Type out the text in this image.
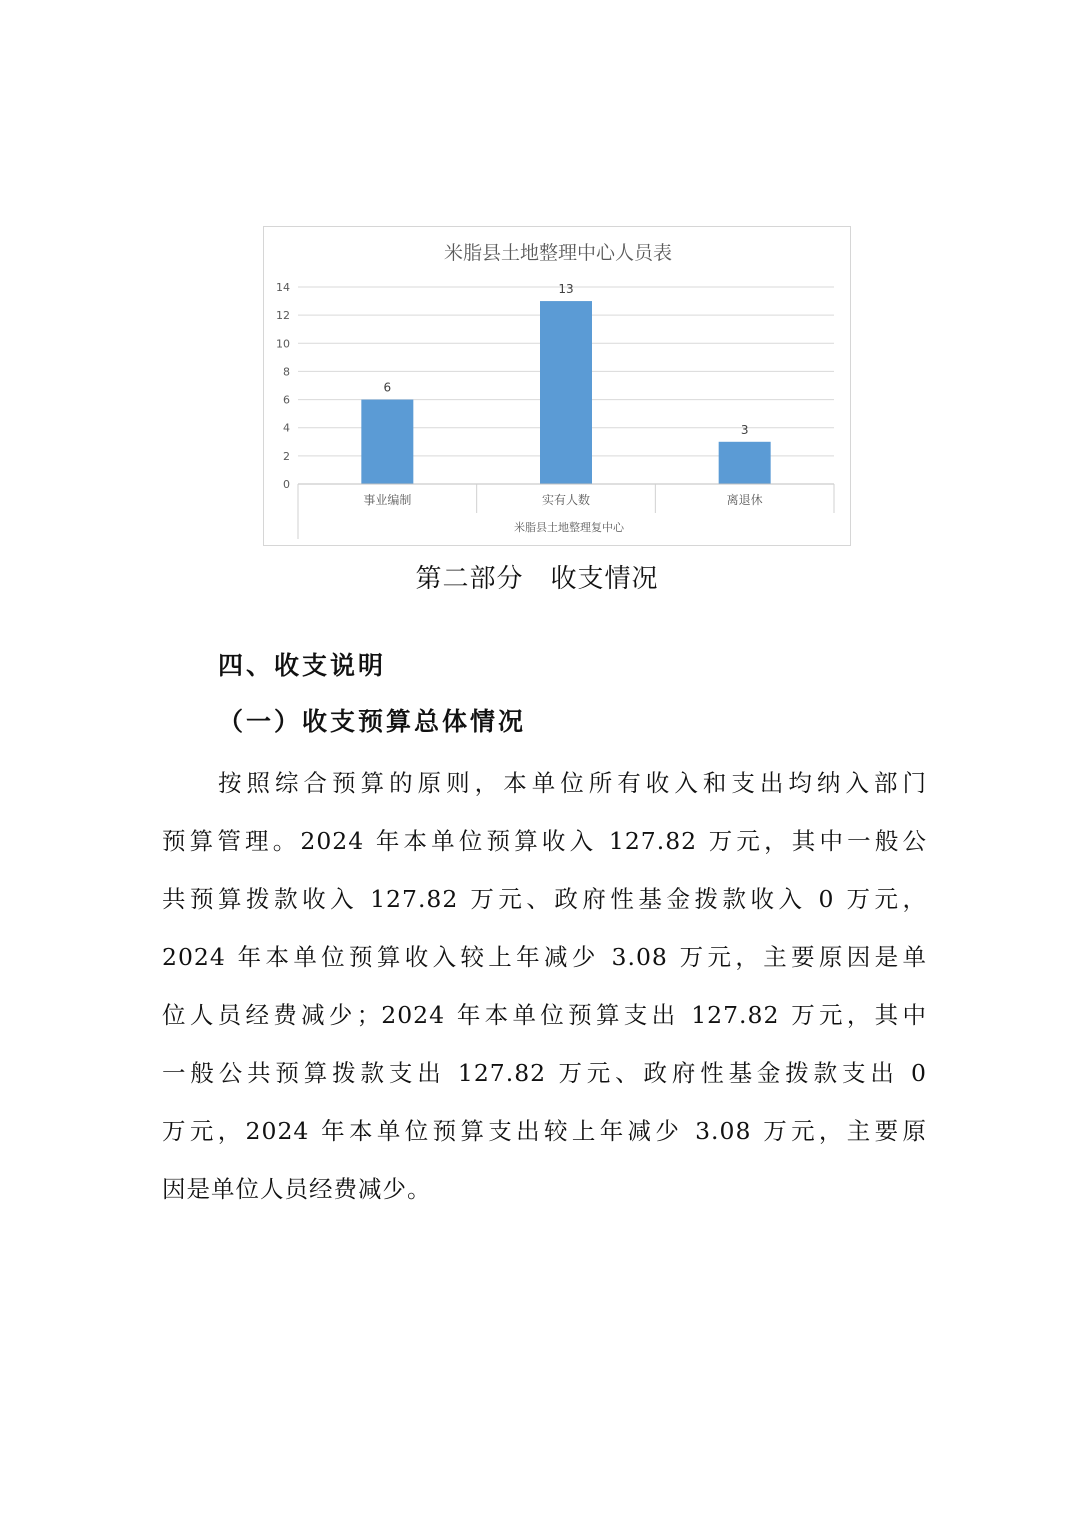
米脂县土地整理中心人员表
0
2
4
6
8
10
12
14
6
13
3
事业编制	实有人数	离退休
米脂县土地整理复中心
第二部分　收支情况
四、收支说明
（一）收支预算总体情况
按照综合预算的原则，本单位所有收入和支出均纳入部门
预算管理。2024 年本单位预算收入 127.82 万元，其中一般公
共预算拨款收入 127.82 万元、政府性基金拨款收入 0 万元，
2024 年本单位预算收入较上年减少 3.08 万元，主要原因是单
位人员经费减少；2024 年本单位预算支出 127.82 万元，其中
一般公共预算拨款支出 127.82 万元、政府性基金拨款支出 0
万元，2024 年本单位预算支出较上年减少 3.08 万元，主要原
因是单位人员经费减少。
